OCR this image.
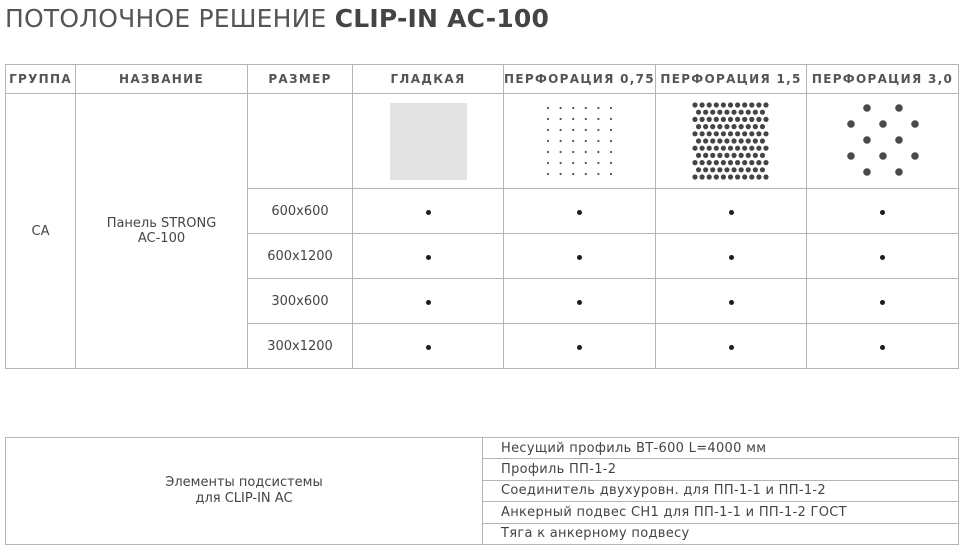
ПОТОЛОЧНОЕ РЕШЕНИЕ CLIP-IN AC-100
ГРУППА	НАЗВАНИЕ	РАЗМЕР	ГЛАДКАЯ	ПЕРФОРАЦИЯ 0,75	ПЕРФОРАЦИЯ 1,5	ПЕРФОРАЦИЯ 3,0
CA	Панель STRONG
AC-100

		600x600				
		600x1200				
		300x600				
		300x1200				
Элементы подсистемы
для CLIP-IN AC
	Несущий профиль ВТ-600 L=4000 мм
Профиль ПП-1-2
Соединитель двухуровн. для ПП-1-1 и ПП-1-2
Анкерный подвес СН1 для ПП-1-1 и ПП-1-2 ГОСТ
Тяга к анкерному подвесу
